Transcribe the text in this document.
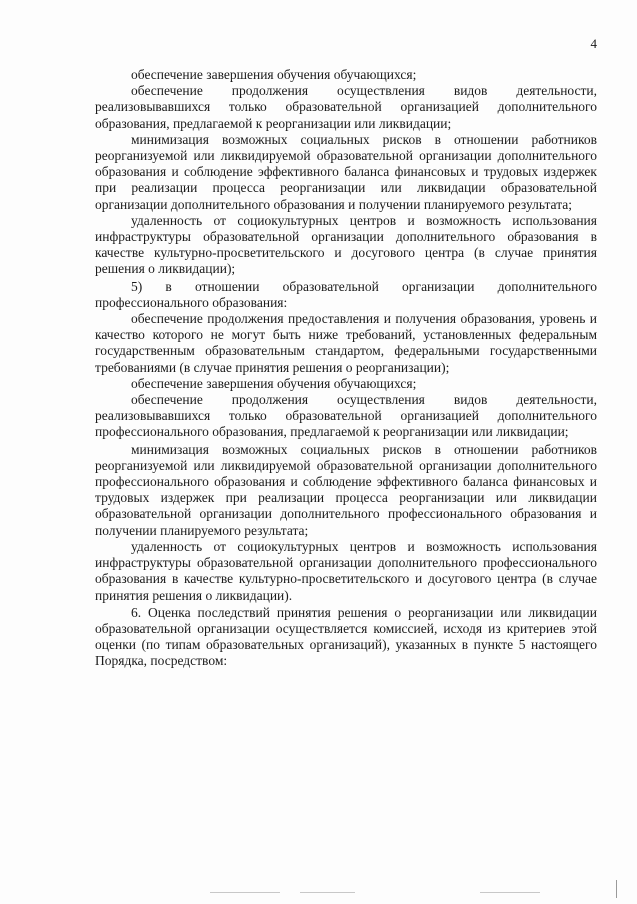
4

обеспечение завершения обучения обучающихся;

обеспечение продолжения осуществления видов деятельности, реализовывавшихся только образовательной организацией дополнительного образования, предлагаемой к реорганизации или ликвидации;

минимизация возможных социальных рисков в отношении работников реорганизуемой или ликвидируемой образовательной организации дополнительного образования и соблюдение эффективного баланса финансовых и трудовых издержек при реализации процесса реорганизации или ликвидации образовательной организации дополнительного образования и получении планируемого результата;

удаленность от социокультурных центров и возможность использования инфраструктуры образовательной организации дополнительного образования в качестве культурно-просветительского и досугового центра (в случае принятия решения о ликвидации);

5) в отношении образовательной организации дополнительного профессионального образования:

обеспечение продолжения предоставления и получения образования, уровень и качество которого не могут быть ниже требований, установленных федеральным государственным образовательным стандартом, федеральными государственными требованиями (в случае принятия решения о реорганизации);

обеспечение завершения обучения обучающихся;

обеспечение продолжения осуществления видов деятельности, реализовывавшихся только образовательной организацией дополнительного профессионального образования, предлагаемой к реорганизации или ликвидации;

минимизация возможных социальных рисков в отношении работников реорганизуемой или ликвидируемой образовательной организации дополнительного профессионального образования и соблюдение эффективного баланса финансовых и трудовых издержек при реализации процесса реорганизации или ликвидации образовательной организации дополнительного профессионального образования и получении планируемого результата;

удаленность от социокультурных центров и возможность использования инфраструктуры образовательной организации дополнительного профессионального образования в качестве культурно-просветительского и досугового центра (в случае принятия решения о ликвидации).

6. Оценка последствий принятия решения о реорганизации или ликвидации образовательной организации осуществляется комиссией, исходя из критериев этой оценки (по типам образовательных организаций), указанных в пункте 5 настоящего Порядка, посредством:
